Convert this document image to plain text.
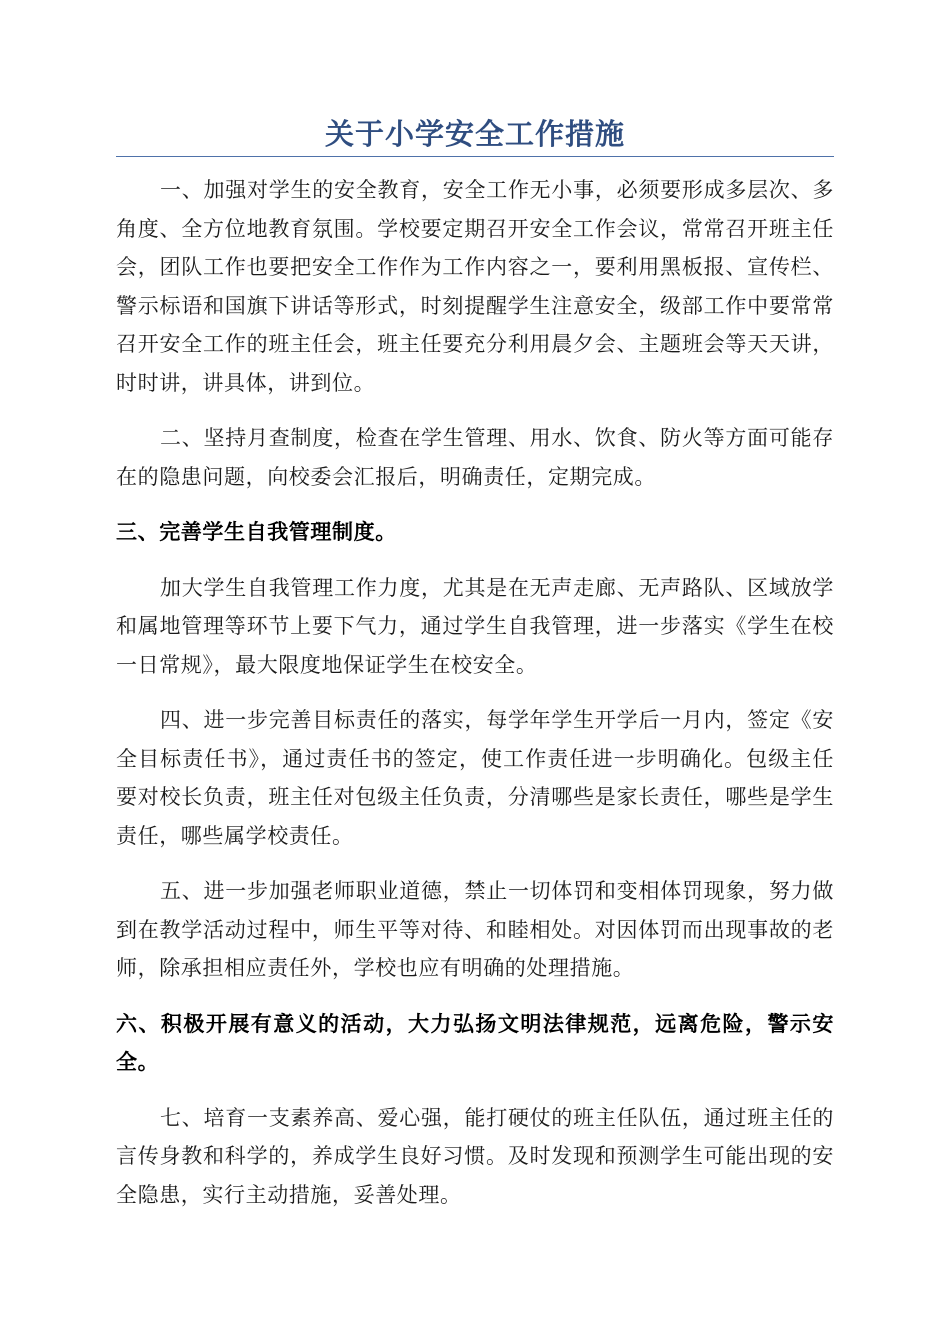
关于小学安全工作措施

一、加强对学生的安全教育，安全工作无小事，必须要形成多层次、多角度、全方位地教育氛围。学校要定期召开安全工作会议，常常召开班主任会，团队工作也要把安全工作作为工作内容之一，要利用黑板报、宣传栏、警示标语和国旗下讲话等形式，时刻提醒学生注意安全，级部工作中要常常召开安全工作的班主任会，班主任要充分利用晨夕会、主题班会等天天讲，时时讲，讲具体，讲到位。

二、坚持月查制度，检查在学生管理、用水、饮食、防火等方面可能存在的隐患问题，向校委会汇报后，明确责任，定期完成。

三、完善学生自我管理制度。

加大学生自我管理工作力度，尤其是在无声走廊、无声路队、区域放学和属地管理等环节上要下气力，通过学生自我管理，进一步落实《学生在校一日常规》，最大限度地保证学生在校安全。

四、进一步完善目标责任的落实，每学年学生开学后一月内，签定《安全目标责任书》，通过责任书的签定，使工作责任进一步明确化。包级主任要对校长负责，班主任对包级主任负责，分清哪些是家长责任，哪些是学生责任，哪些属学校责任。

五、进一步加强老师职业道德，禁止一切体罚和变相体罚现象，努力做到在教学活动过程中，师生平等对待、和睦相处。对因体罚而出现事故的老师，除承担相应责任外，学校也应有明确的处理措施。

六、积极开展有意义的活动，大力弘扬文明法律规范，远离危险，警示安全。

七、培育一支素养高、爱心强，能打硬仗的班主任队伍，通过班主任的言传身教和科学的，养成学生良好习惯。及时发现和预测学生可能出现的安全隐患，实行主动措施，妥善处理。
